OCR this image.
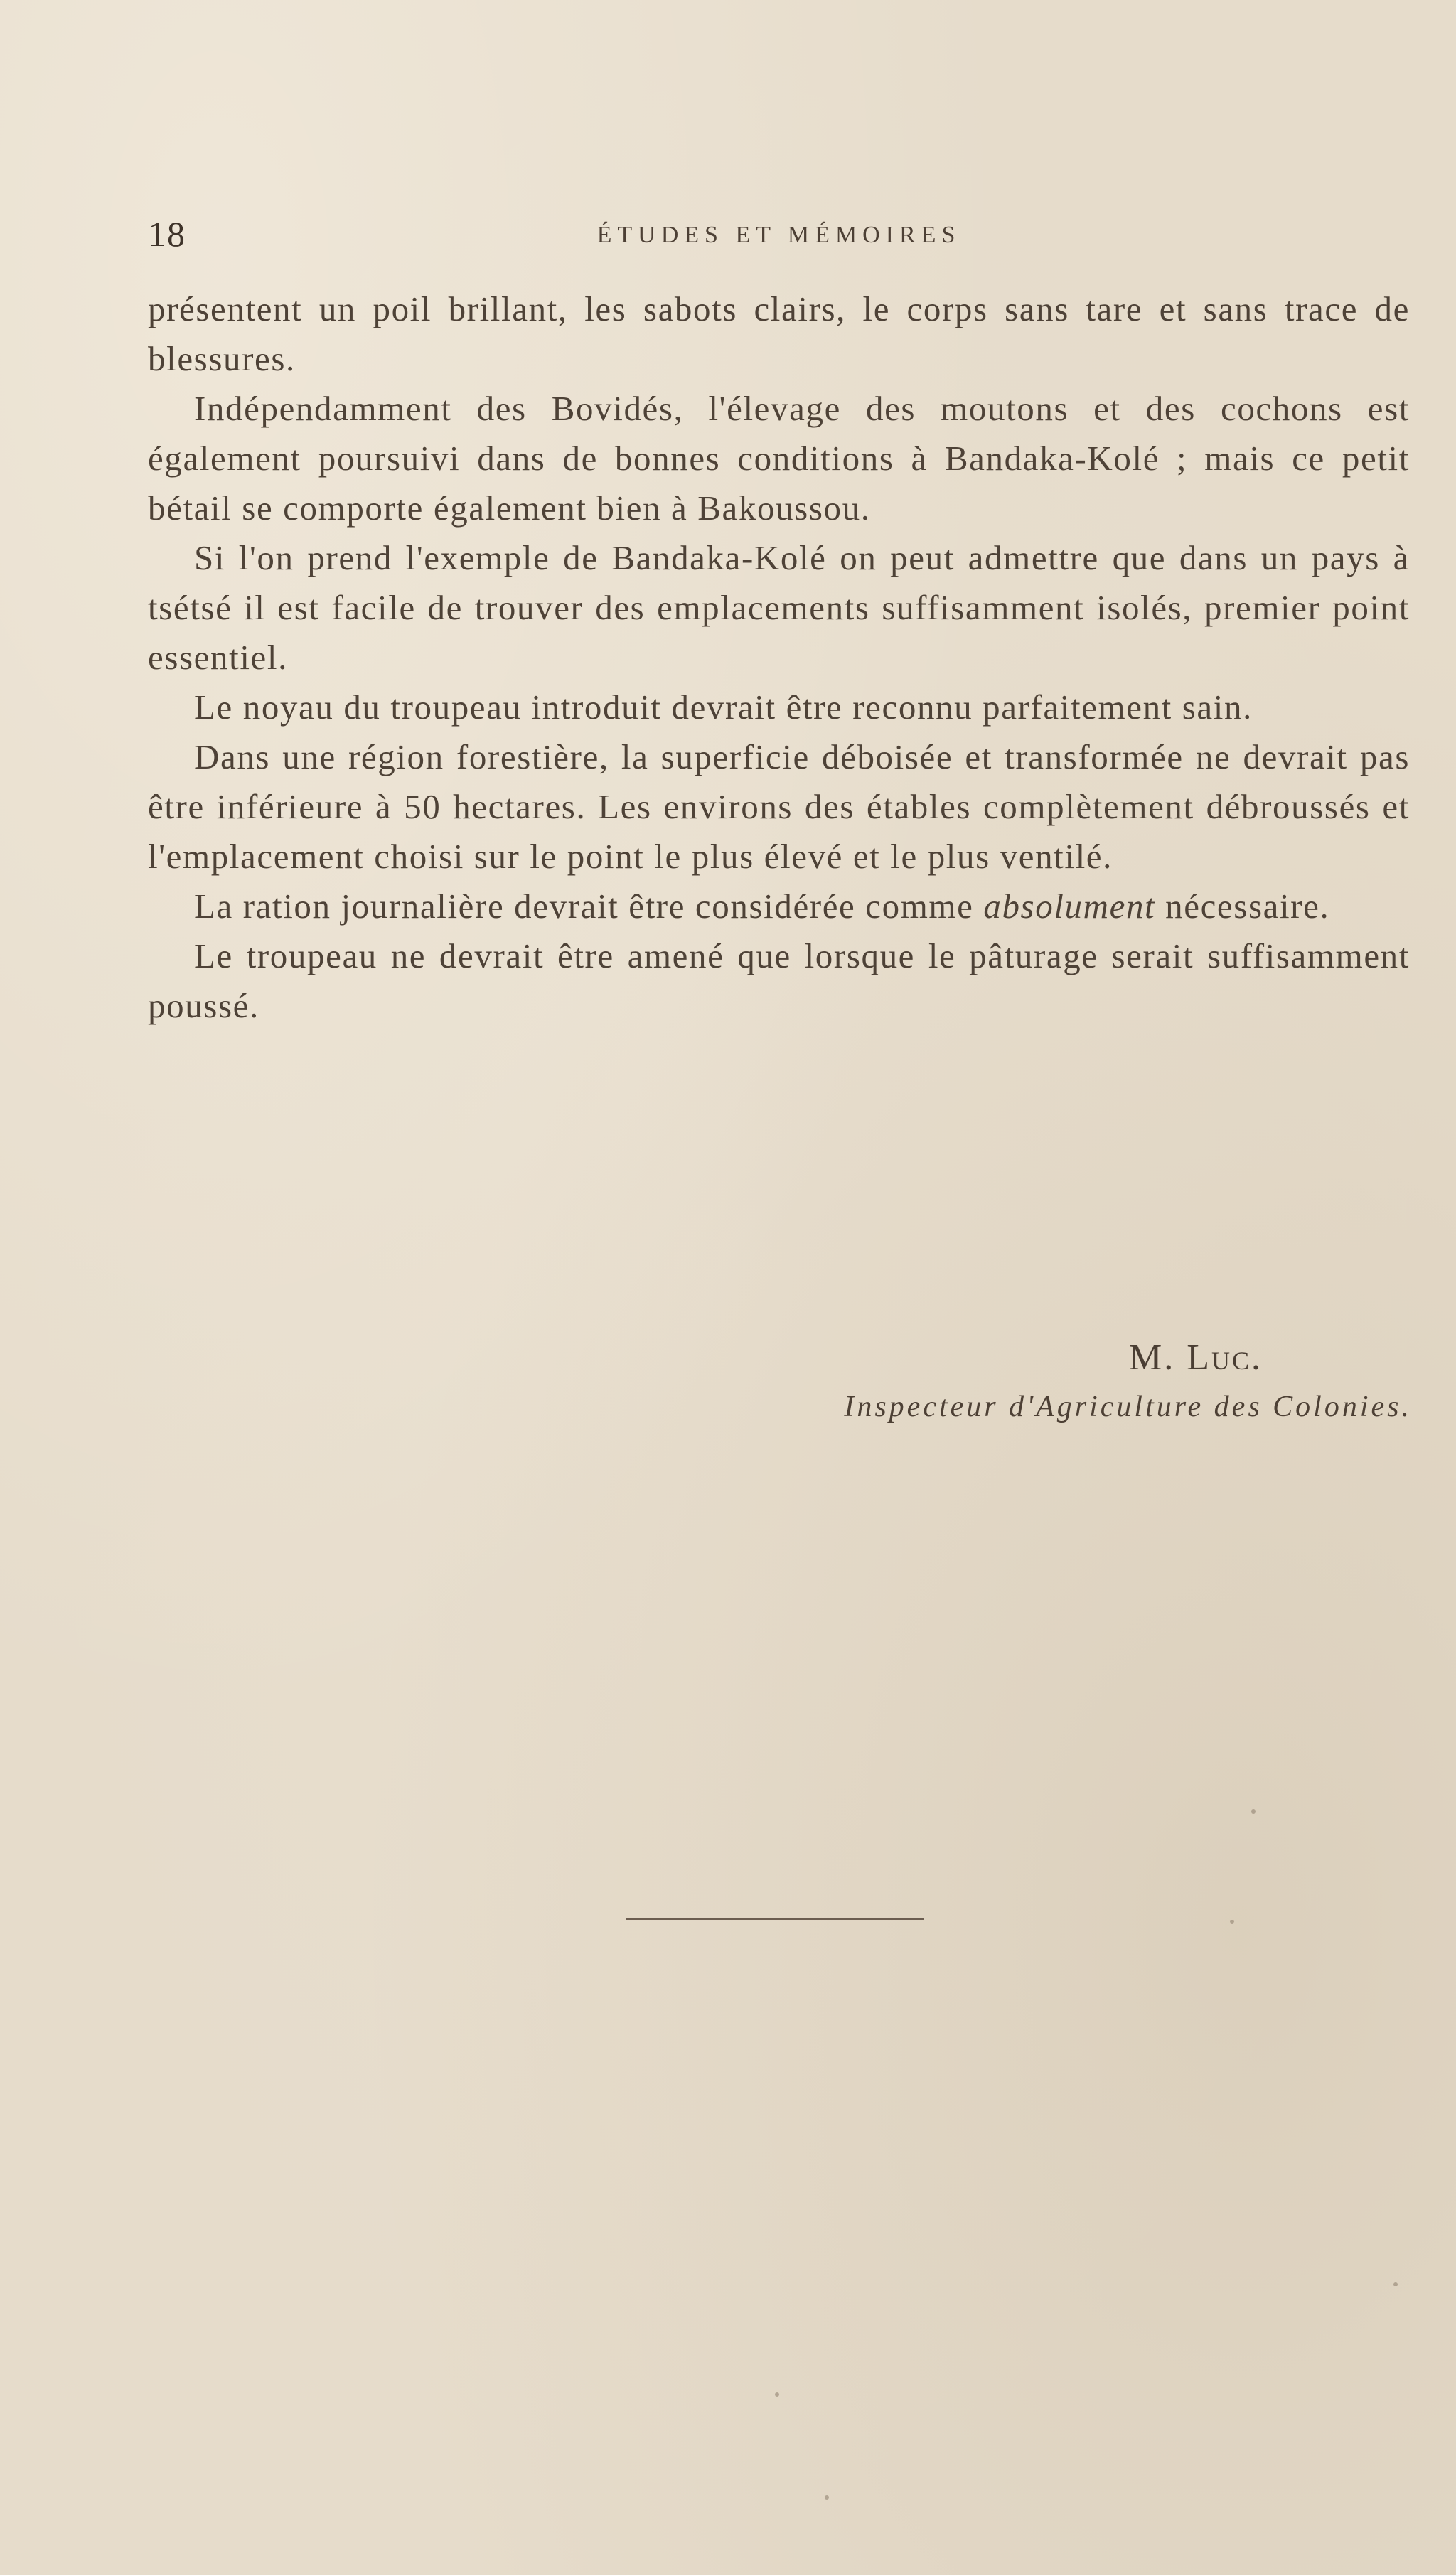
18	ÉTUDES ET MÉMOIRES

présentent un poil brillant, les sabots clairs, le corps sans tare et sans trace de blessures.

Indépendamment des Bovidés, l'élevage des moutons et des cochons est également poursuivi dans de bonnes conditions à Bandaka-Kolé ; mais ce petit bétail se comporte également bien à Bakoussou.

Si l'on prend l'exemple de Bandaka-Kolé on peut admettre que dans un pays à tsétsé il est facile de trouver des emplacements suffisamment isolés, premier point essentiel.

Le noyau du troupeau introduit devrait être reconnu parfaitement sain.

Dans une région forestière, la superficie déboisée et transformée ne devrait pas être inférieure à 50 hectares. Les environs des étables complètement débroussés et l'emplacement choisi sur le point le plus élevé et le plus ventilé.

La ration journalière devrait être considérée comme absolument nécessaire.

Le troupeau ne devrait être amené que lorsque le pâturage serait suffisamment poussé.

M. Luc.
Inspecteur d'Agriculture des Colonies.
